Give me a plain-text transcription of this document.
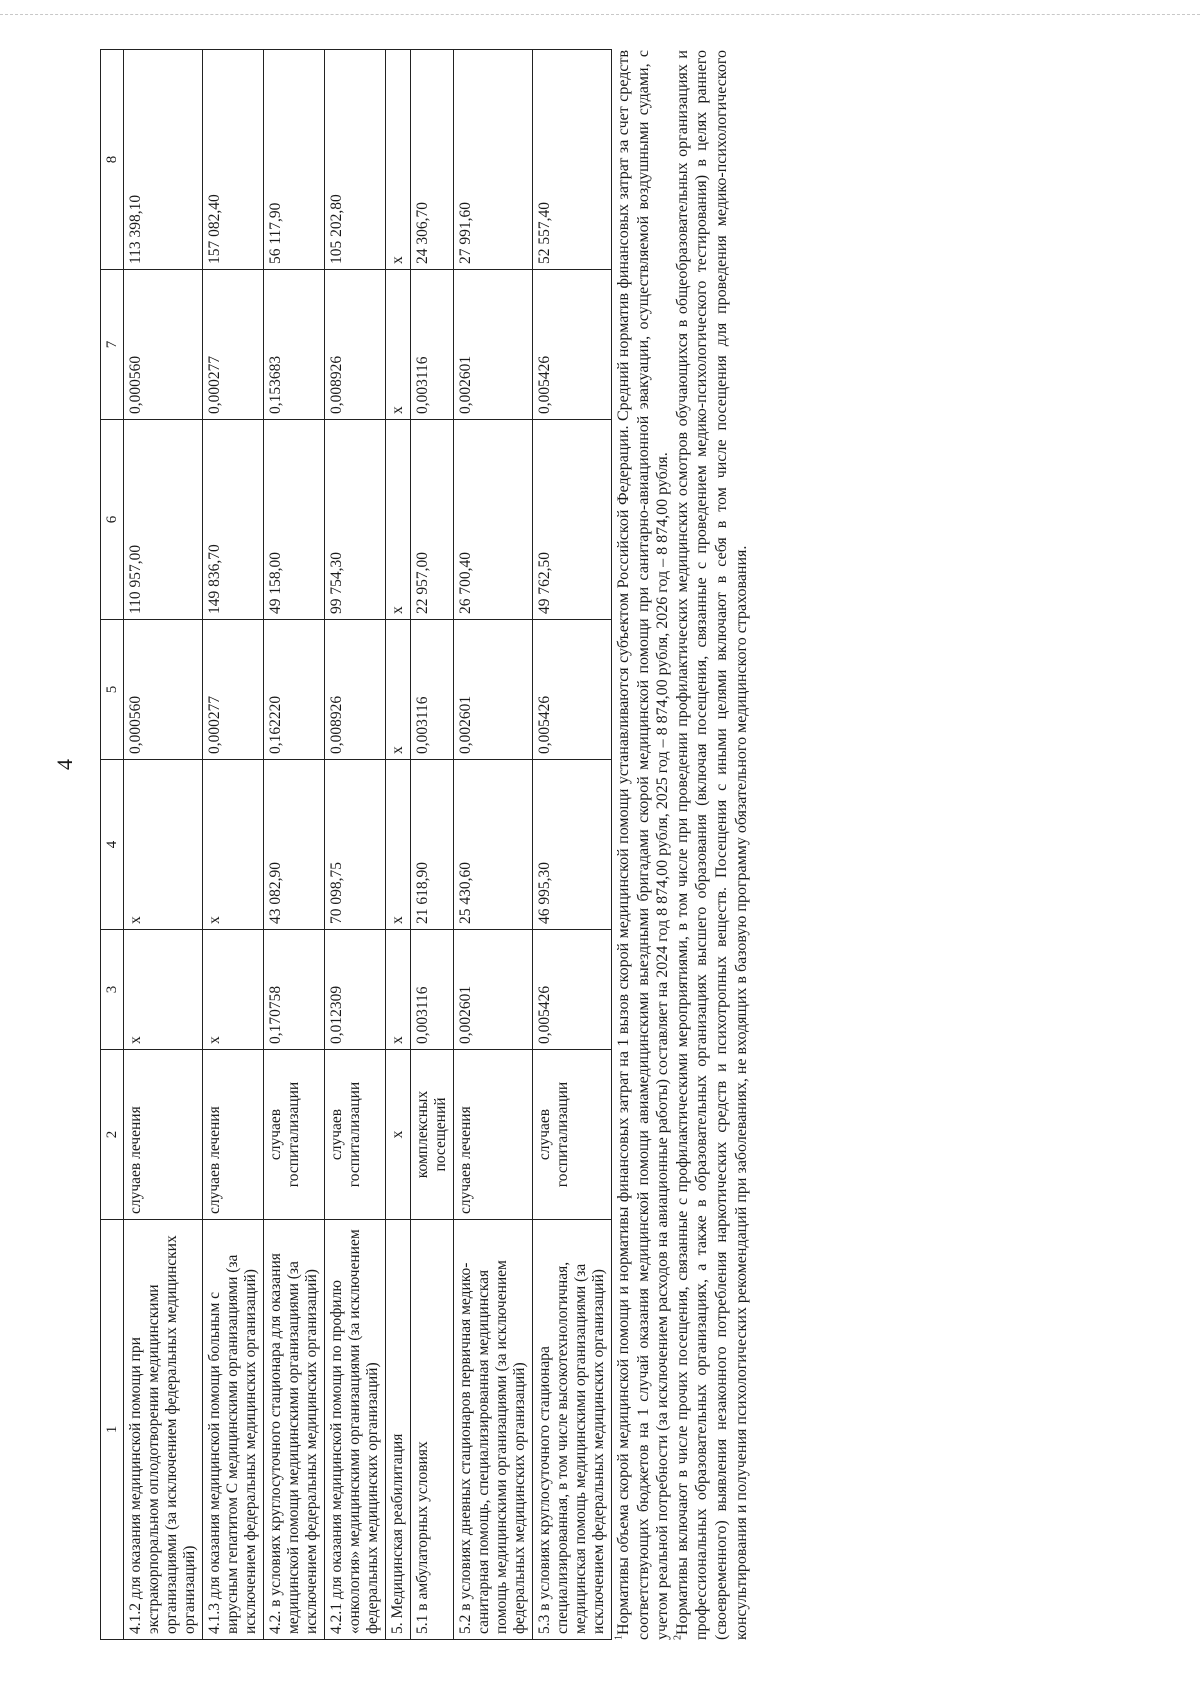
4
1	2	3	4	5	6	7	8
4.1.2 для оказания медицинской помощи при экстракорпоральном оплодотворении медицинскими организациями (за исключением федеральных медицинских организаций)	случаев лечения	x	x	0,000560	110 957,00	0,000560	113 398,10
4.1.3 для оказания медицинской помощи больным с вирусным гепатитом С медицинскими организациями (за исключением федеральных медицинских организаций)	случаев лечения	x	x	0,000277	149 836,70	0,000277	157 082,40
4.2. в условиях круглосуточного стационара для оказания медицинской помощи медицинскими организациями (за исключением федеральных медицинских организаций)	случаев госпитализации	0,170758	43 082,90	0,162220	49 158,00	0,153683	56 117,90
4.2.1 для оказания медицинской помощи по профилю «онкология» медицинскими организациями (за исключением федеральных медицинских организаций)	случаев госпитализации	0,012309	70 098,75	0,008926	99 754,30	0,008926	105 202,80
5. Медицинская реабилитация	x	x	x	x	x	x	x
5.1 в амбулаторных условиях	комплексных посещений	0,003116	21 618,90	0,003116	22 957,00	0,003116	24 306,70
5.2 в условиях дневных стационаров первичная медико-санитарная помощь, специализированная медицинская помощь медицинскими организациями (за исключением федеральных медицинских организаций)	случаев лечения	0,002601	25 430,60	0,002601	26 700,40	0,002601	27 991,60
5.3 в условиях круглосуточного стационара специализированная, в том числе высокотехнологичная, медицинская помощь медицинскими организациями (за исключением федеральных медицинских организаций)	случаев госпитализации	0,005426	46 995,30	0,005426	49 762,50	0,005426	52 557,40

$^1$Нормативы объема скорой медицинской помощи и нормативы финансовых затрат на 1 вызов скорой медицинской помощи устанавливаются субъектом Российской Федерации. Средний норматив финансовых затрат за счет средств соответствующих бюджетов на 1 случай оказания медицинской помощи авиамедицинскими выездными бригадами скорой медицинской помощи при санитарно-авиационной эвакуации, осуществляемой воздушными судами, с учетом реальной потребности (за исключением расходов на авиационные работы) составляет на 2024 год 8 874,00 рубля, 2025 год – 8 874,00 рубля, 2026 год – 8 874,00 рубля. $^2$Нормативы включают в числе прочих посещения, связанные с профилактическими мероприятиями, в том числе при проведении профилактических медицинских осмотров обучающихся в общеобразовательных организациях и профессиональных образовательных организациях, а также в образовательных организациях высшего образования (включая посещения, связанные с проведением медико-психологического тестирования) в целях раннего (своевременного) выявления незаконного потребления наркотических средств и психотропных веществ. Посещения с иными целями включают в себя в том числе посещения для проведения медико-психологического консультирования и получения психологических рекомендаций при заболеваниях, не входящих в базовую программу обязательного медицинского страхования.
